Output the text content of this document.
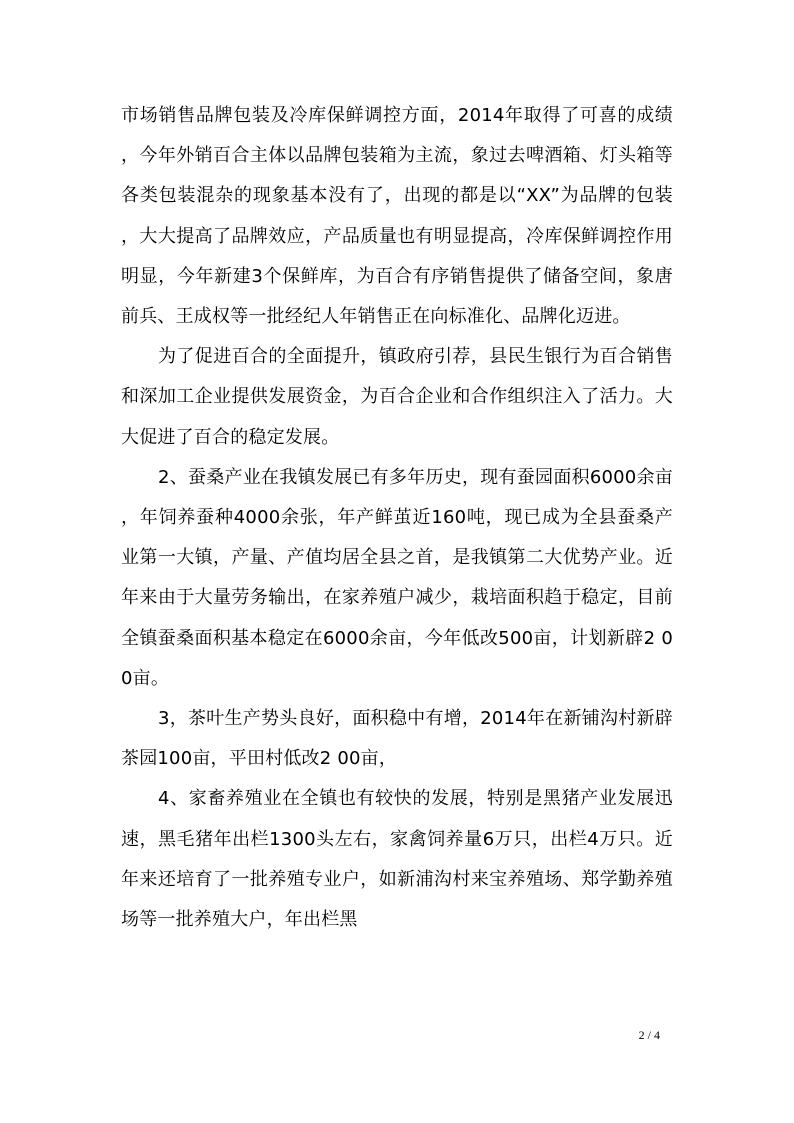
市场销售品牌包装及冷库保鲜调控方面，2014年取得了可喜的成绩，今年外销百合主体以品牌包装箱为主流，象过去啤酒箱、灯头箱等各类包装混杂的现象基本没有了，出现的都是以“XX”为品牌的包装，大大提高了品牌效应，产品质量也有明显提高，冷库保鲜调控作用明显，今年新建3个保鲜库，为百合有序销售提供了储备空间，象唐前兵、王成权等一批经纪人年销售正在向标准化、品牌化迈进。

为了促进百合的全面提升，镇政府引荐，县民生银行为百合销售和深加工企业提供发展资金，为百合企业和合作组织注入了活力。大大促进了百合的稳定发展。

2、蚕桑产业在我镇发展已有多年历史，现有蚕园面积6000余亩，年饲养蚕种4000余张，年产鲜茧近160吨，现已成为全县蚕桑产业第一大镇，产量、产值均居全县之首，是我镇第二大优势产业。近年来由于大量劳务输出，在家养殖户减少，栽培面积趋于稳定，目前全镇蚕桑面积基本稳定在6000余亩，今年低改500亩，计划新辟2 00亩。

3，茶叶生产势头良好，面积稳中有增，2014年在新铺沟村新辟茶园100亩，平田村低改2 00亩，

4、家畜养殖业在全镇也有较快的发展，特别是黑猪产业发展迅速，黑毛猪年出栏1300头左右，家禽饲养量6万只，出栏4万只。近年来还培育了一批养殖专业户，如新浦沟村来宝养殖场、郑学勤养殖场等一批养殖大户，年出栏黑

2 / 4
